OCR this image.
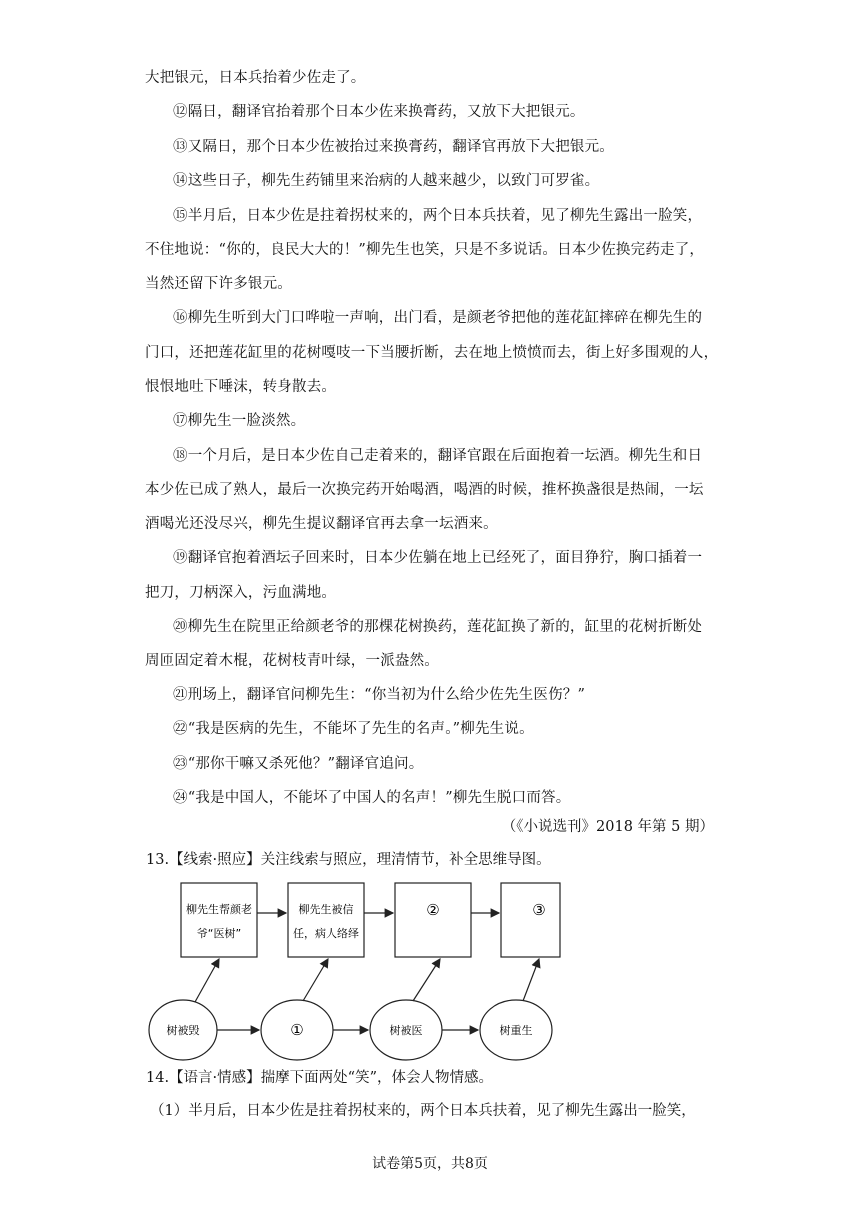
大把银元，日本兵抬着少佐走了。
⑫隔日，翻译官抬着那个日本少佐来换膏药，又放下大把银元。
⑬又隔日，那个日本少佐被抬过来换膏药，翻译官再放下大把银元。
⑭这些日子，柳先生药铺里来治病的人越来越少，以致门可罗雀。
⑮半月后，日本少佐是拄着拐杖来的，两个日本兵扶着，见了柳先生露出一脸笑，
不住地说：“你的，良民大大的！”柳先生也笑，只是不多说话。日本少佐换完药走了，
当然还留下许多银元。
⑯柳先生听到大门口哗啦一声响，出门看，是颜老爷把他的莲花缸摔碎在柳先生的
门口，还把莲花缸里的花树嘎吱一下当腰折断，去在地上愤愤而去，街上好多围观的人，
恨恨地吐下唾沫，转身散去。
⑰柳先生一脸淡然。
⑱一个月后，是日本少佐自己走着来的，翻译官跟在后面抱着一坛酒。柳先生和日
本少佐已成了熟人，最后一次换完药开始喝酒，喝酒的时候，推杯换盏很是热闹，一坛
酒喝光还没尽兴，柳先生提议翻译官再去拿一坛酒来。
⑲翻译官抱着酒坛子回来时，日本少佐躺在地上已经死了，面目狰狞，胸口插着一
把刀，刀柄深入，污血满地。
⑳柳先生在院里正给颜老爷的那棵花树换药，莲花缸换了新的，缸里的花树折断处
周匝固定着木棍，花树枝青叶绿，一派盎然。
㉑刑场上，翻译官问柳先生：“你当初为什么给少佐先生医伤？”
㉒“我是医病的先生，不能坏了先生的名声。”柳先生说。
㉓“那你干嘛又杀死他？”翻译官追问。
㉔“我是中国人，不能坏了中国人的名声！”柳先生脱口而答。
（《小说选刊》2018 年第 5 期）
13.【线索·照应】关注线索与照应，理清情节，补全思维导图。
柳先生帮颜老
爷“医树”
柳先生被信
任，病人络绎
②	③
树被毁	①	树被医	树重生
14.【语言·情感】揣摩下面两处“笑”，体会人物情感。
（1）半月后，日本少佐是拄着拐杖来的，两个日本兵扶着，见了柳先生露出一脸笑，
试卷第5页，共8页
